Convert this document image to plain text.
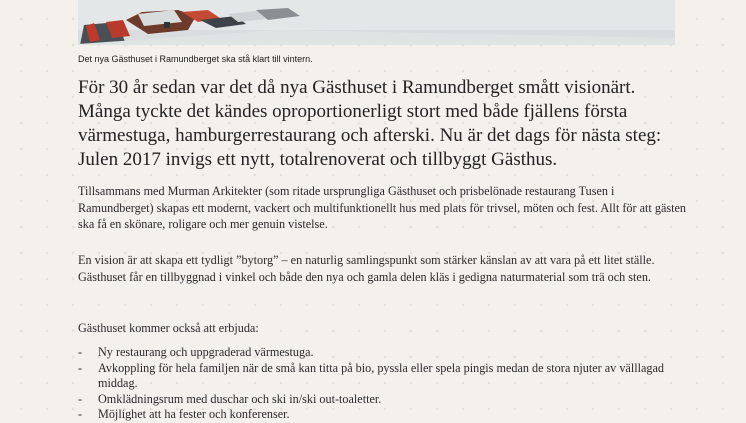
Det nya Gästhuset i Ramundberget ska stå klart till vintern.

För 30 år sedan var det då nya Gästhuset i Ramundberget smått visionärt. Många tyckte det kändes oproportionerligt stort med både fjällens första värmestuga, hamburgerrestaurang och afterski. Nu är det dags för nästa steg: Julen 2017 invigs ett nytt, totalrenoverat och tillbyggt Gästhus.

Tillsammans med Murman Arkitekter (som ritade ursprungliga Gästhuset och prisbelönade restaurang Tusen i Ramundberget) skapas ett modernt, vackert och multifunktionellt hus med plats för trivsel, möten och fest. Allt för att gästen ska få en skönare, roligare och mer genuin vistelse.

En vision är att skapa ett tydligt ”bytorg” – en naturlig samlingspunkt som stärker känslan av att vara på ett litet ställe. Gästhuset får en tillbyggnad i vinkel och både den nya och gamla delen kläs i gedigna naturmaterial som trä och sten.

Gästhuset kommer också att erbjuda:

- Ny restaurang och uppgraderad värmestuga.
- Avkoppling för hela familjen när de små kan titta på bio, pyssla eller spela pingis medan de stora njuter av välllagad middag.
- Omklädningsrum med duschar och ski in/ski out-toaletter.
- Möjlighet att ha fester och konferenser.
